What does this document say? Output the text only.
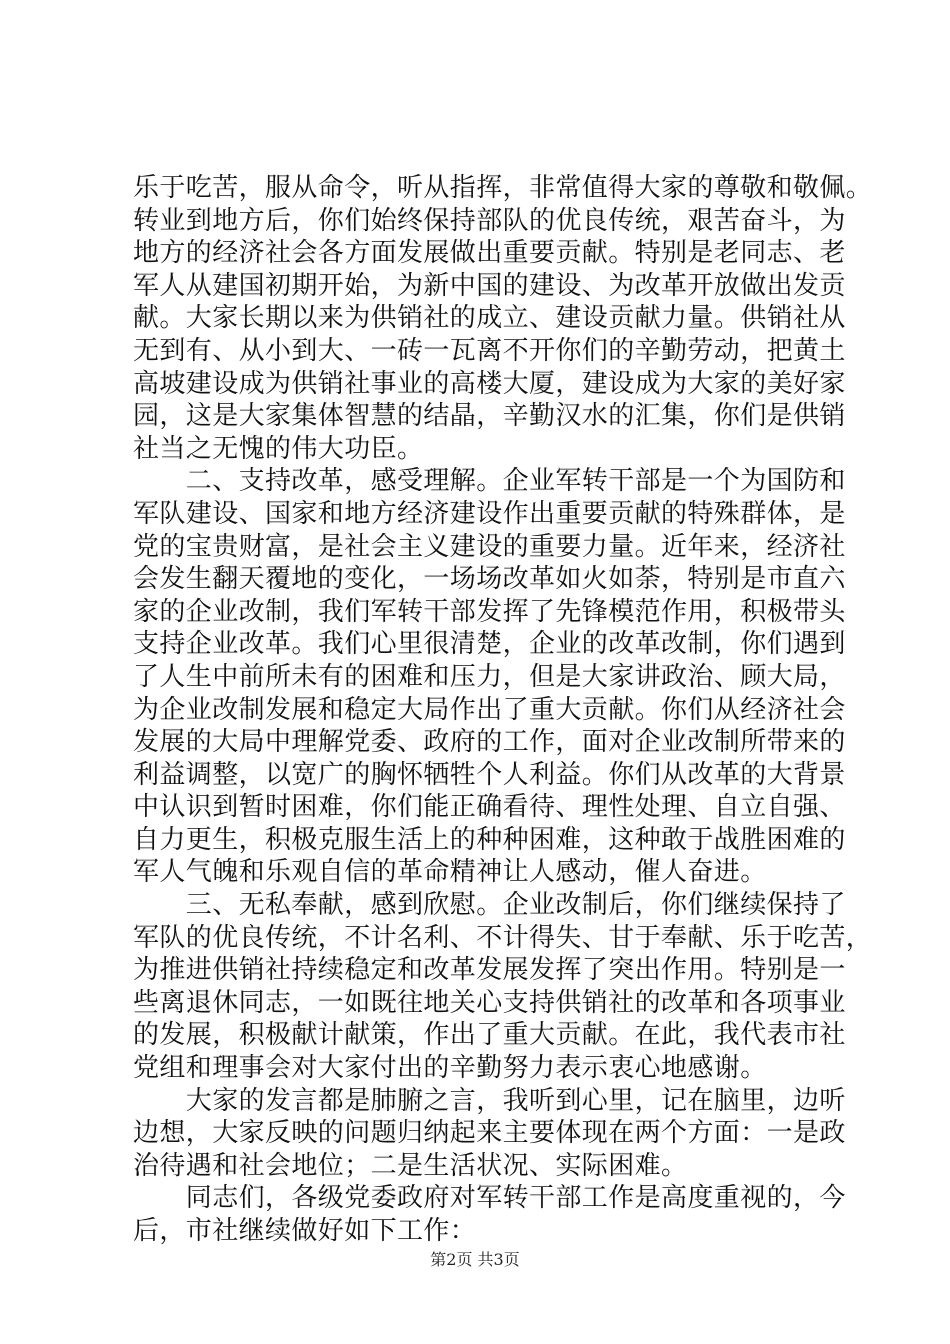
乐于吃苦，服从命令，听从指挥，非常值得大家的尊敬和敬佩。
转业到地方后，你们始终保持部队的优良传统，艰苦奋斗，为
地方的经济社会各方面发展做出重要贡献。特别是老同志、老
军人从建国初期开始，为新中国的建设、为改革开放做出发贡
献。大家长期以来为供销社的成立、建设贡献力量。供销社从
无到有、从小到大、一砖一瓦离不开你们的辛勤劳动，把黄土
高坡建设成为供销社事业的高楼大厦，建设成为大家的美好家
园，这是大家集体智慧的结晶，辛勤汉水的汇集，你们是供销
社当之无愧的伟大功臣。
　　二、支持改革，感受理解。企业军转干部是一个为国防和
军队建设、国家和地方经济建设作出重要贡献的特殊群体，是
党的宝贵财富，是社会主义建设的重要力量。近年来，经济社
会发生翻天覆地的变化，一场场改革如火如荼，特别是市直六
家的企业改制，我们军转干部发挥了先锋模范作用，积极带头
支持企业改革。我们心里很清楚，企业的改革改制，你们遇到
了人生中前所未有的困难和压力，但是大家讲政治、顾大局，
为企业改制发展和稳定大局作出了重大贡献。你们从经济社会
发展的大局中理解党委、政府的工作，面对企业改制所带来的
利益调整，以宽广的胸怀牺牲个人利益。你们从改革的大背景
中认识到暂时困难，你们能正确看待、理性处理、自立自强、
自力更生，积极克服生活上的种种困难，这种敢于战胜困难的
军人气魄和乐观自信的革命精神让人感动，催人奋进。
　　三、无私奉献，感到欣慰。企业改制后，你们继续保持了
军队的优良传统，不计名利、不计得失、甘于奉献、乐于吃苦，
为推进供销社持续稳定和改革发展发挥了突出作用。特别是一
些离退休同志，一如既往地关心支持供销社的改革和各项事业
的发展，积极献计献策，作出了重大贡献。在此，我代表市社
党组和理事会对大家付出的辛勤努力表示衷心地感谢。
　　大家的发言都是肺腑之言，我听到心里，记在脑里，边听
边想，大家反映的问题归纳起来主要体现在两个方面：一是政
治待遇和社会地位；二是生活状况、实际困难。
　　同志们，各级党委政府对军转干部工作是高度重视的，今
后，市社继续做好如下工作：
第2页 共3页
